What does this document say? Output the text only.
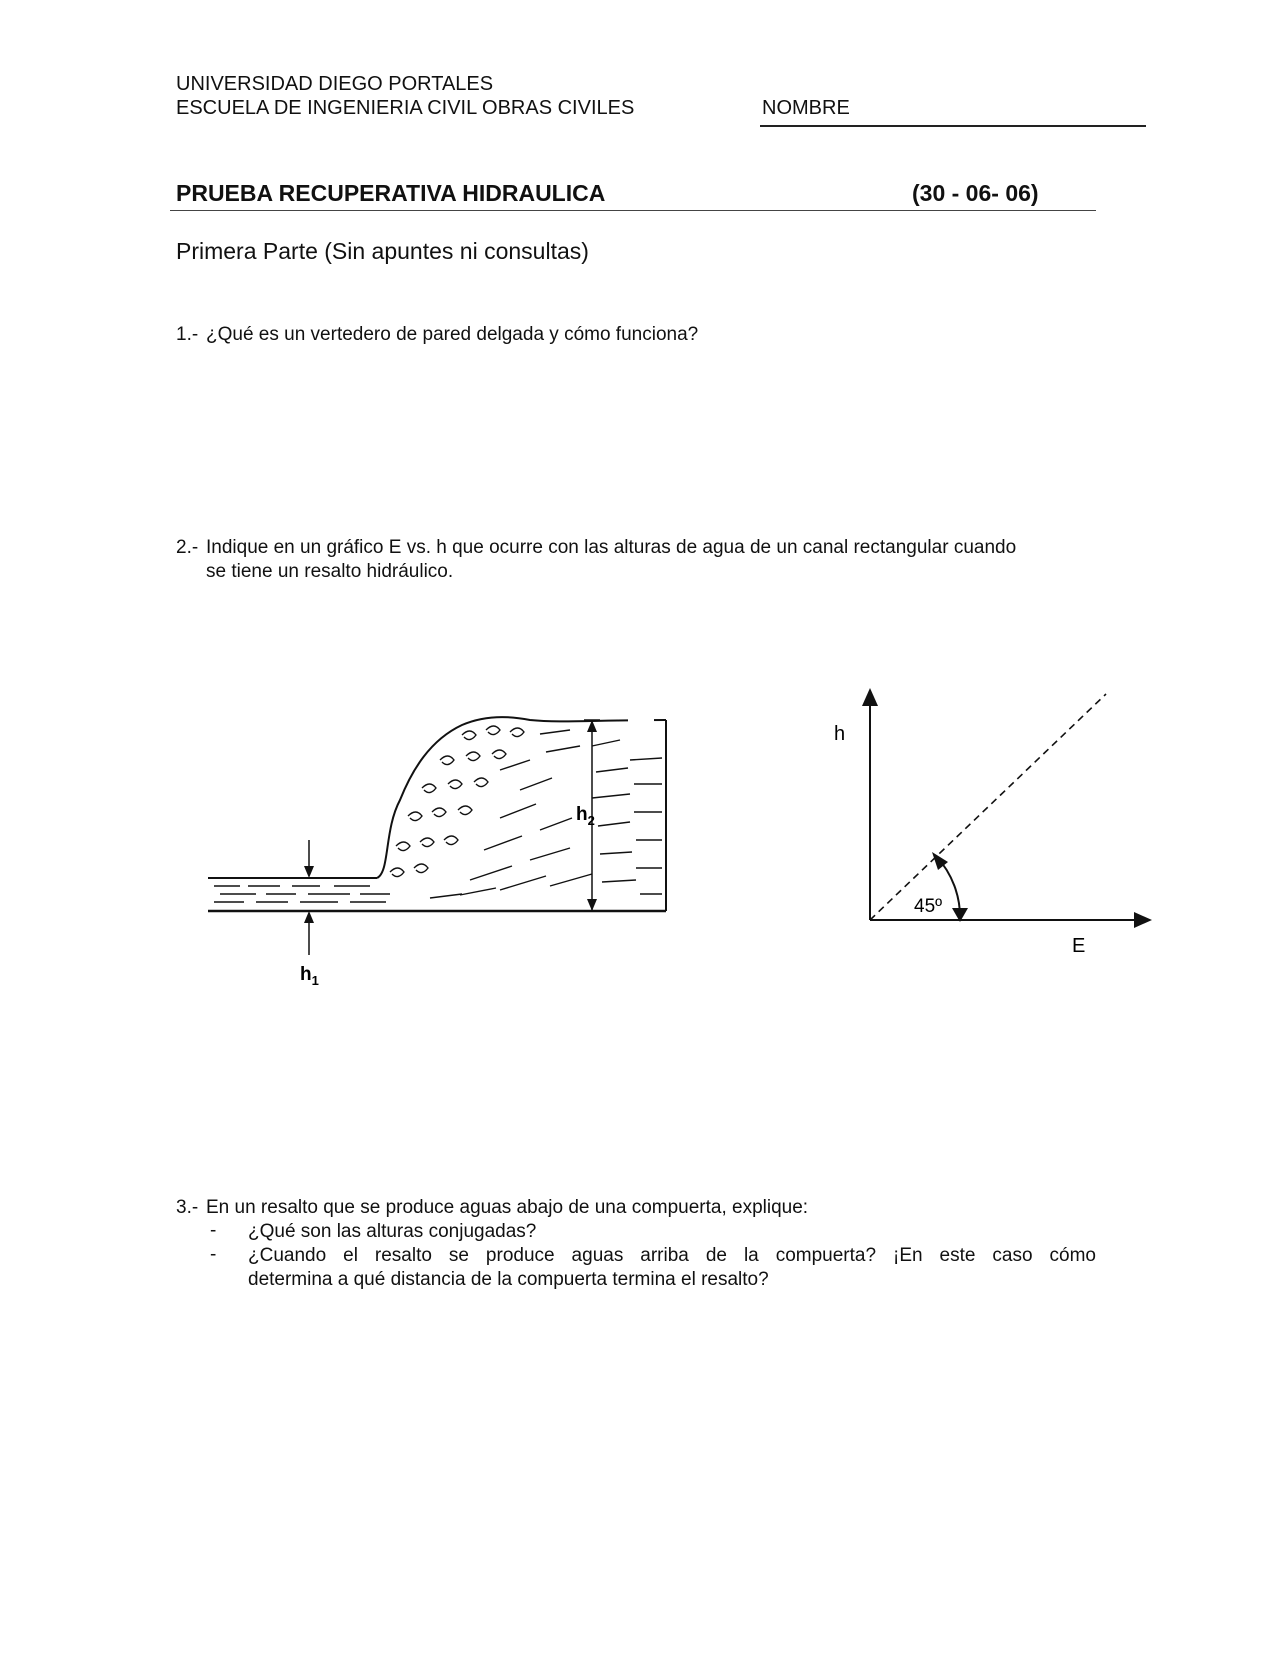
UNIVERSIDAD DIEGO PORTALES
ESCUELA DE INGENIERIA CIVIL OBRAS CIVILES	NOMBRE
PRUEBA RECUPERATIVA HIDRAULICA	(30 - 06- 06)
Primera Parte (Sin apuntes ni consultas)
1.- ¿Qué es un vertedero de pared delgada y cómo funciona?
2.- Indique en un gráfico E vs. h que ocurre con las alturas de agua de un canal rectangular cuando
se tiene un resalto hidráulico.
$h_2$
$h_1$
h
E
45º
3.- En un resalto que se produce aguas abajo de una compuerta, explique:
- ¿Qué son las alturas conjugadas?
- ¿Cuando el resalto se produce aguas arriba de la compuerta? ¡En este caso cómo
determina a qué distancia de la compuerta termina el resalto?
